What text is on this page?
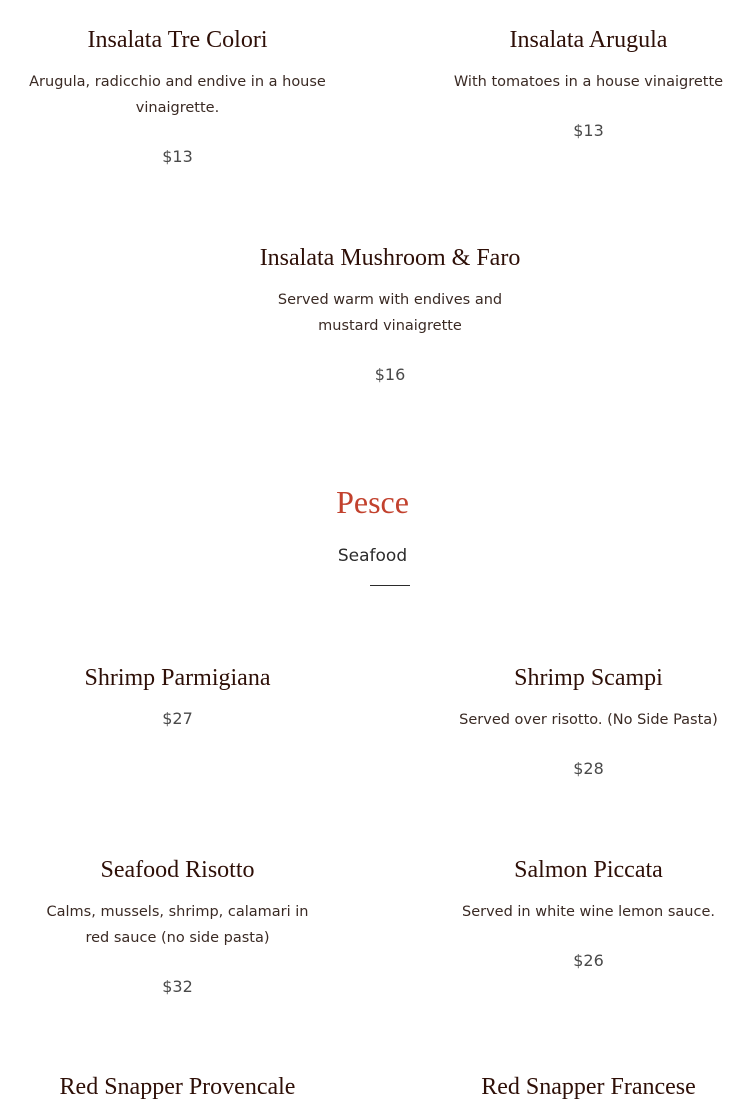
Insalata Tre Colori

Arugula, radicchio and endive in a house vinaigrette.

$13

Insalata Arugula

With tomatoes in a house vinaigrette

$13

Insalata Mushroom & Faro

Served warm with endives and mustard vinaigrette

$16

Pesce

Seafood

Shrimp Parmigiana

$27

Shrimp Scampi

Served over risotto. (No Side Pasta)

$28

Seafood Risotto

Calms, mussels, shrimp, calamari in red sauce (no side pasta)

$32

Salmon Piccata

Served in white wine lemon sauce.

$26

Red Snapper Provencale	Red Snapper Francese
